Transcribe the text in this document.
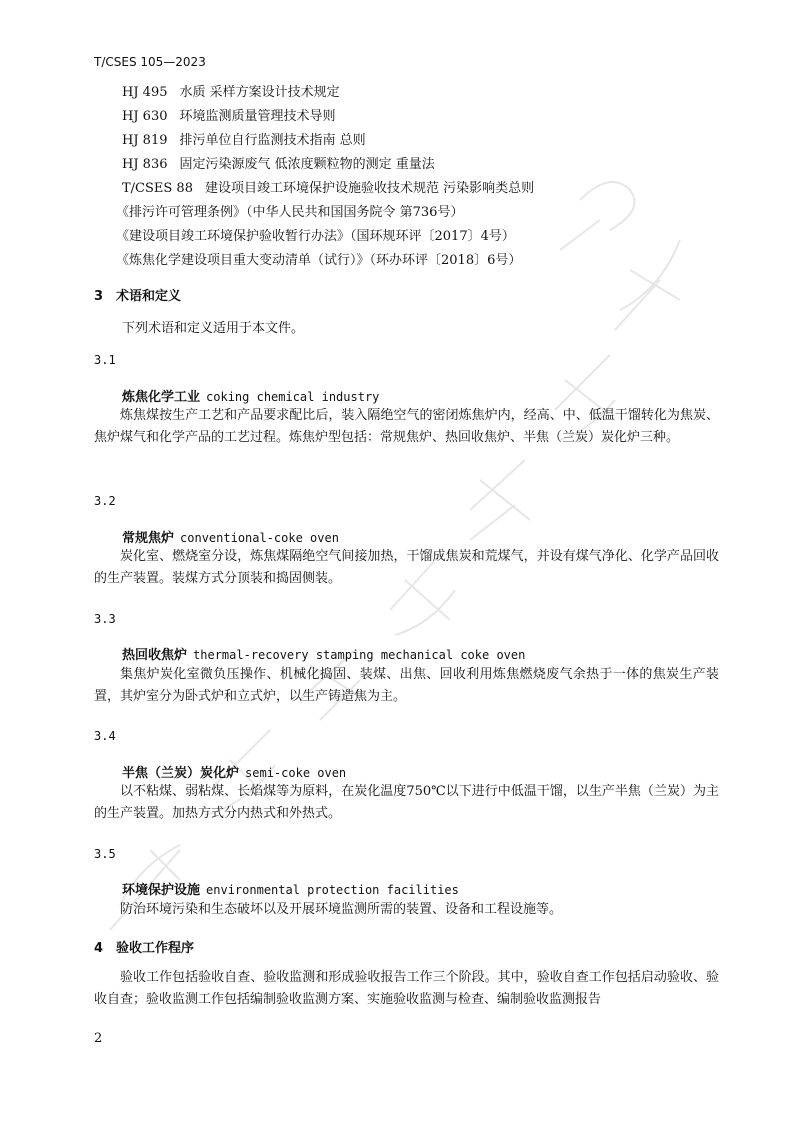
T/CSES 105—2023
HJ 495 水质 采样方案设计技术规定
HJ 630 环境监测质量管理技术导则
HJ 819 排污单位自行监测技术指南 总则
HJ 836 固定污染源废气 低浓度颗粒物的测定 重量法
T/CSES 88 建设项目竣工环境保护设施验收技术规范 污染影响类总则
《排污许可管理条例》（中华人民共和国国务院令 第736号）
《建设项目竣工环境保护验收暂行办法》（国环规环评〔2017〕4号）
《炼焦化学建设项目重大变动清单（试行）》（环办环评〔2018〕6号）
3 术语和定义
下列术语和定义适用于本文件。
3.1
炼焦化学工业 coking chemical industry
炼焦煤按生产工艺和产品要求配比后，装入隔绝空气的密闭炼焦炉内，经高、中、低温干馏转化为焦炭、焦炉煤气和化学产品的工艺过程。炼焦炉型包括：常规焦炉、热回收焦炉、半焦（兰炭）炭化炉三种。
3.2
常规焦炉 conventional-coke oven
炭化室、燃烧室分设，炼焦煤隔绝空气间接加热，干馏成焦炭和荒煤气，并设有煤气净化、化学产品回收的生产装置。装煤方式分顶装和捣固侧装。
3.3
热回收焦炉 thermal-recovery stamping mechanical coke oven
集焦炉炭化室微负压操作、机械化捣固、装煤、出焦、回收利用炼焦燃烧废气余热于一体的焦炭生产装置，其炉室分为卧式炉和立式炉，以生产铸造焦为主。
3.4
半焦（兰炭）炭化炉 semi-coke oven
以不粘煤、弱粘煤、长焰煤等为原料，在炭化温度750℃以下进行中低温干馏，以生产半焦（兰炭）为主的生产装置。加热方式分内热式和外热式。
3.5
环境保护设施 environmental protection facilities
防治环境污染和生态破坏以及开展环境监测所需的装置、设备和工程设施等。
4 验收工作程序
验收工作包括验收自查、验收监测和形成验收报告工作三个阶段。其中，验收自查工作包括启动验收、验收自查；验收监测工作包括编制验收监测方案、实施验收监测与检查、编制验收监测报告
2
